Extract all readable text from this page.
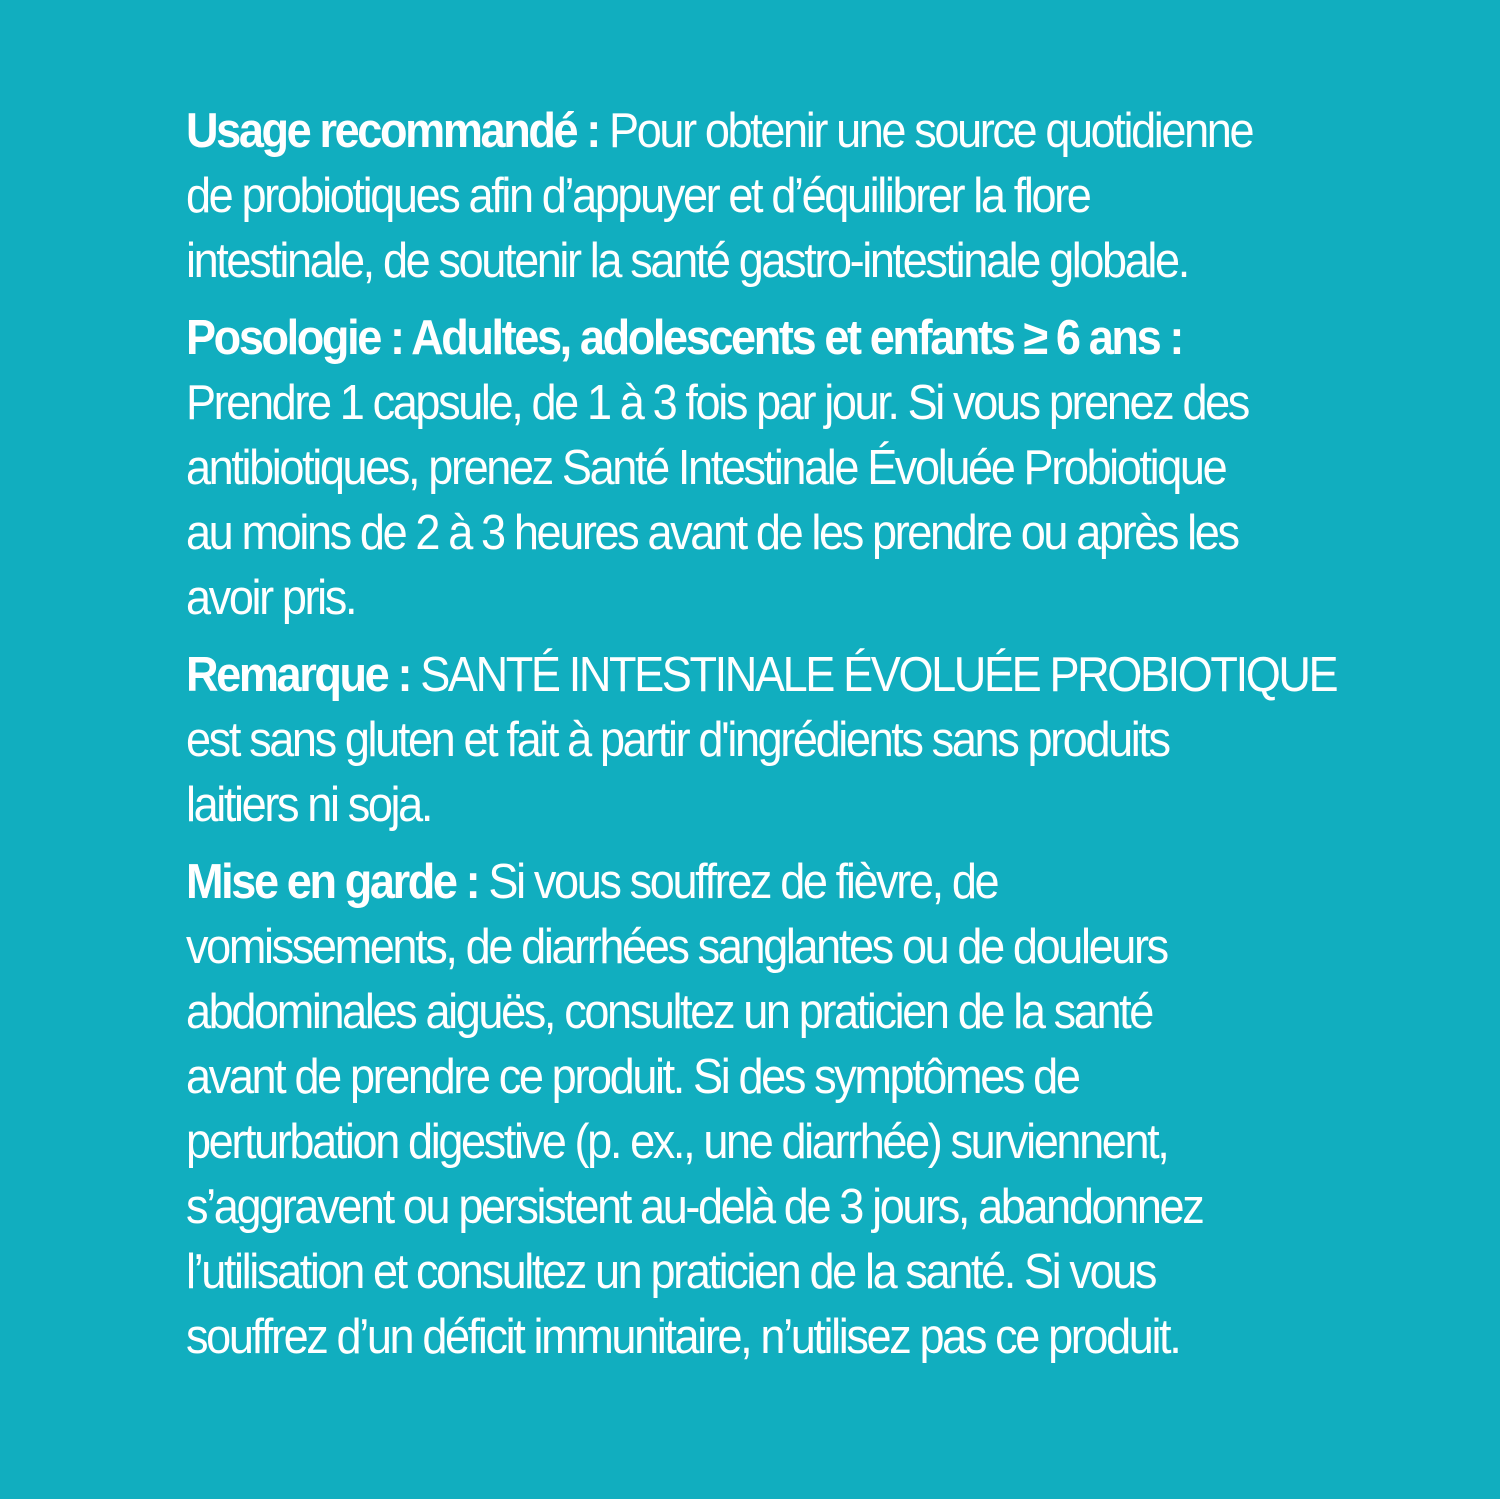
Usage recommandé : Pour obtenir une source quotidienne
de probiotiques afin d’appuyer et d’équilibrer la flore
intestinale, de soutenir la santé gastro-intestinale globale.
Posologie : Adultes, adolescents et enfants ≥ 6 ans :
Prendre 1 capsule, de 1 à 3 fois par jour. Si vous prenez des
antibiotiques, prenez Santé Intestinale Évoluée Probiotique
au moins de 2 à 3 heures avant de les prendre ou après les
avoir pris.
Remarque : SANTÉ INTESTINALE ÉVOLUÉE PROBIOTIQUE
est sans gluten et fait à partir d'ingrédients sans produits
laitiers ni soja.
Mise en garde : Si vous souffrez de fièvre, de
vomissements, de diarrhées sanglantes ou de douleurs
abdominales aiguës, consultez un praticien de la santé
avant de prendre ce produit. Si des symptômes de
perturbation digestive (p. ex., une diarrhée) surviennent,
s’aggravent ou persistent au-delà de 3 jours, abandonnez
l’utilisation et consultez un praticien de la santé. Si vous
souffrez d’un déficit immunitaire, n’utilisez pas ce produit.
